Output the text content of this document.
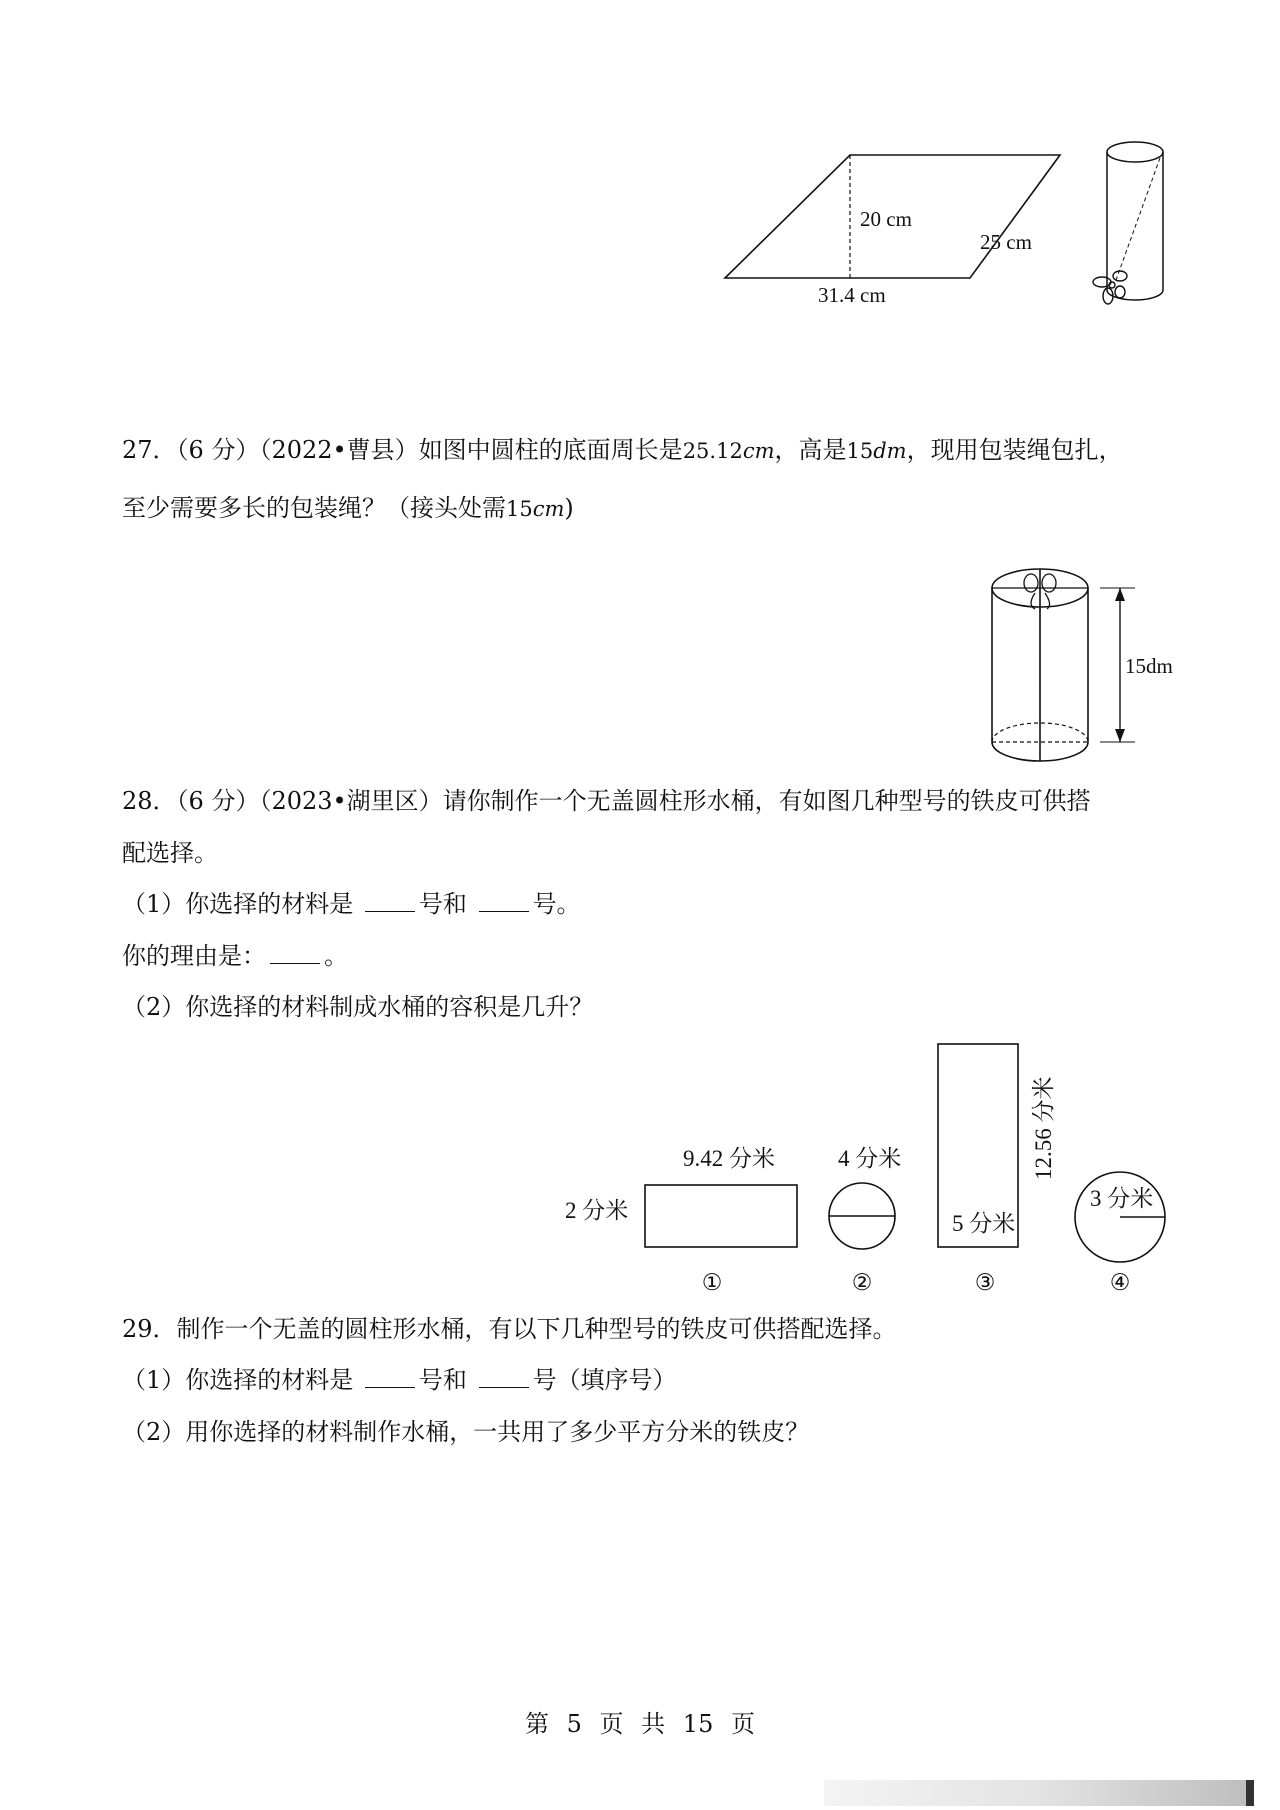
20 cm
25 cm
31.4 cm
27．（6 分）（2022•曹县）如图中圆柱的底面周长是25.12cm，高是15dm，现用包装绳包扎，
至少需要多长的包装绳？（接头处需15cm)
15dm
28．（6 分）（2023•湖里区）请你制作一个无盖圆柱形水桶，有如图几种型号的铁皮可供搭
配选择。
（1）你选择的材料是	号和	号。
你的理由是： 。
（2）你选择的材料制成水桶的容积是几升？
9.42 分米
2 分米
①
4 分米
②
12.56 分米
5 分米
③
3 分米
④
29．制作一个无盖的圆柱形水桶，有以下几种型号的铁皮可供搭配选择。
（1）你选择的材料是	号和	号（填序号）
（2）用你选择的材料制作水桶，一共用了多少平方分米的铁皮？
第 5 页 共 15 页
